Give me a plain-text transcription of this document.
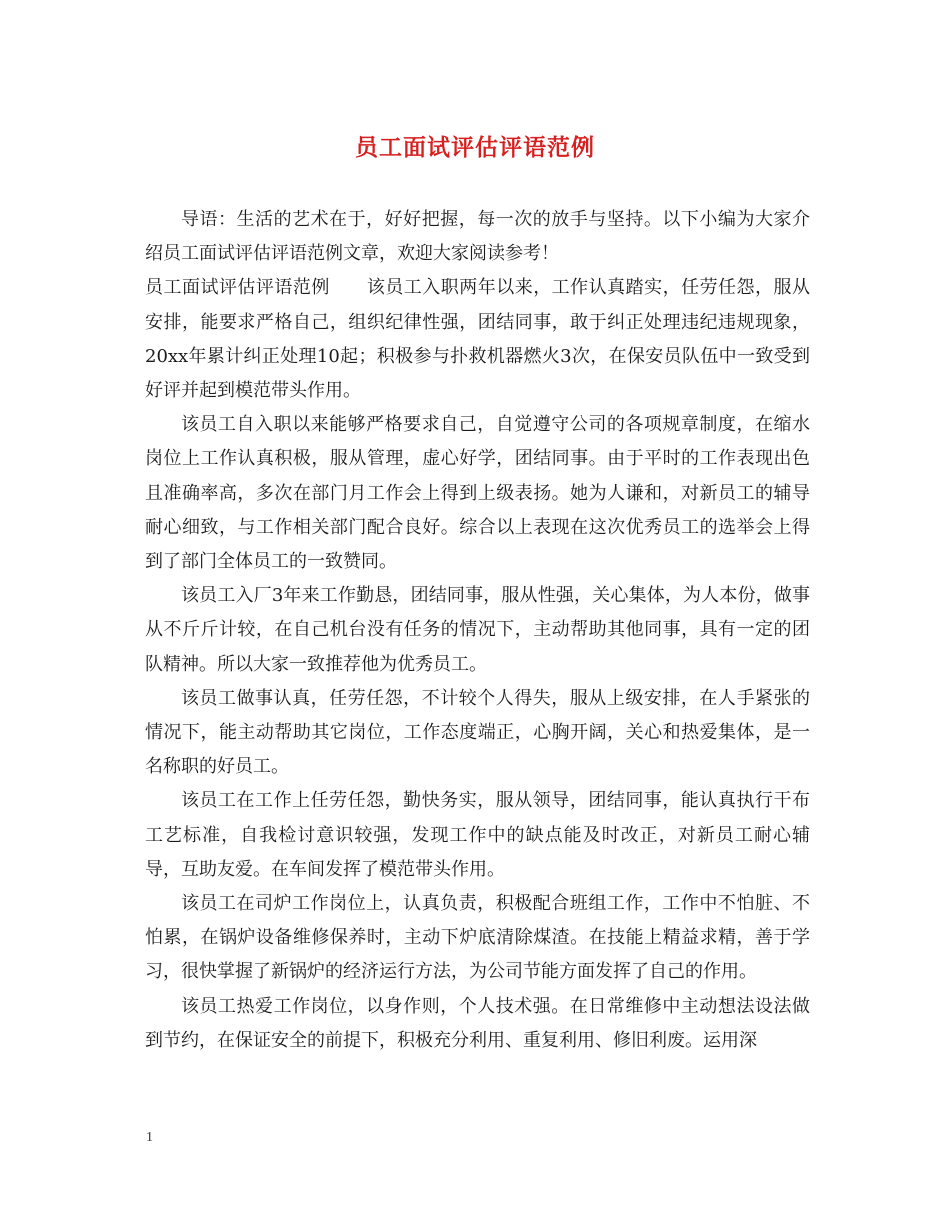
员工面试评估评语范例

导语：生活的艺术在于，好好把握，每一次的放手与坚持。以下小编为大家介绍员工面试评估评语范例文章，欢迎大家阅读参考！

员工面试评估评语范例　　该员工入职两年以来，工作认真踏实，任劳任怨，服从安排，能要求严格自己，组织纪律性强，团结同事，敢于纠正处理违纪违规现象，20xx年累计纠正处理10起；积极参与扑救机器燃火3次，在保安员队伍中一致受到好评并起到模范带头作用。

该员工自入职以来能够严格要求自己，自觉遵守公司的各项规章制度，在缩水岗位上工作认真积极，服从管理，虚心好学，团结同事。由于平时的工作表现出色且准确率高，多次在部门月工作会上得到上级表扬。她为人谦和，对新员工的辅导耐心细致，与工作相关部门配合良好。综合以上表现在这次优秀员工的选举会上得到了部门全体员工的一致赞同。

该员工入厂3年来工作勤恳，团结同事，服从性强，关心集体，为人本份，做事从不斤斤计较，在自己机台没有任务的情况下，主动帮助其他同事，具有一定的团队精神。所以大家一致推荐他为优秀员工。

该员工做事认真，任劳任怨，不计较个人得失，服从上级安排，在人手紧张的情况下，能主动帮助其它岗位，工作态度端正，心胸开阔，关心和热爱集体，是一名称职的好员工。

该员工在工作上任劳任怨，勤快务实，服从领导，团结同事，能认真执行干布工艺标准，自我检讨意识较强，发现工作中的缺点能及时改正，对新员工耐心辅导，互助友爱。在车间发挥了模范带头作用。

该员工在司炉工作岗位上，认真负责，积极配合班组工作，工作中不怕脏、不怕累，在锅炉设备维修保养时，主动下炉底清除煤渣。在技能上精益求精，善于学习，很快掌握了新锅炉的经济运行方法，为公司节能方面发挥了自己的作用。

该员工热爱工作岗位，以身作则，个人技术强。在日常维修中主动想法设法做到节约，在保证安全的前提下，积极充分利用、重复利用、修旧利废。运用深

1
